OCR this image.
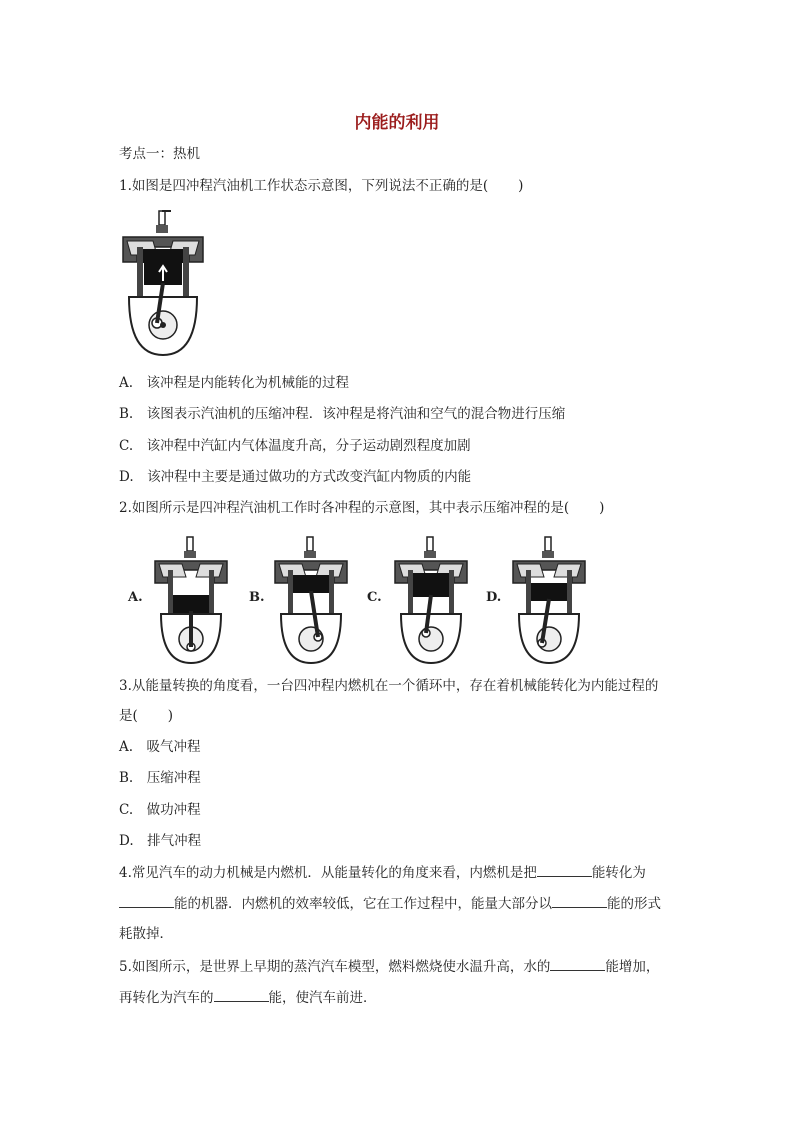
内能的利用
考点一：热机
1.如图是四冲程汽油机工作状态示意图，下列说法不正确的是( )
A.　该冲程是内能转化为机械能的过程
B.　该图表示汽油机的压缩冲程．该冲程是将汽油和空气的混合物进行压缩
C.　该冲程中汽缸内气体温度升高，分子运动剧烈程度加剧
D.　该冲程中主要是通过做功的方式改变汽缸内物质的内能
2.如图所示是四冲程汽油机工作时各冲程的示意图，其中表示压缩冲程的是( )
A.	B.	C.	D.
3.从能量转换的角度看，一台四冲程内燃机在一个循环中，存在着机械能转化为内能过程的
是( )
A.　吸气冲程
B.　压缩冲程
C.　做功冲程
D.　排气冲程
4.常见汽车的动力机械是内燃机．从能量转化的角度来看，内燃机是把	能转化为
能的机器．内燃机的效率较低，它在工作过程中，能量大部分以	能的形式
耗散掉．
5.如图所示，是世界上早期的蒸汽汽车模型，燃料燃烧使水温升高，水的	能增加，
再转化为汽车的	能，使汽车前进．
